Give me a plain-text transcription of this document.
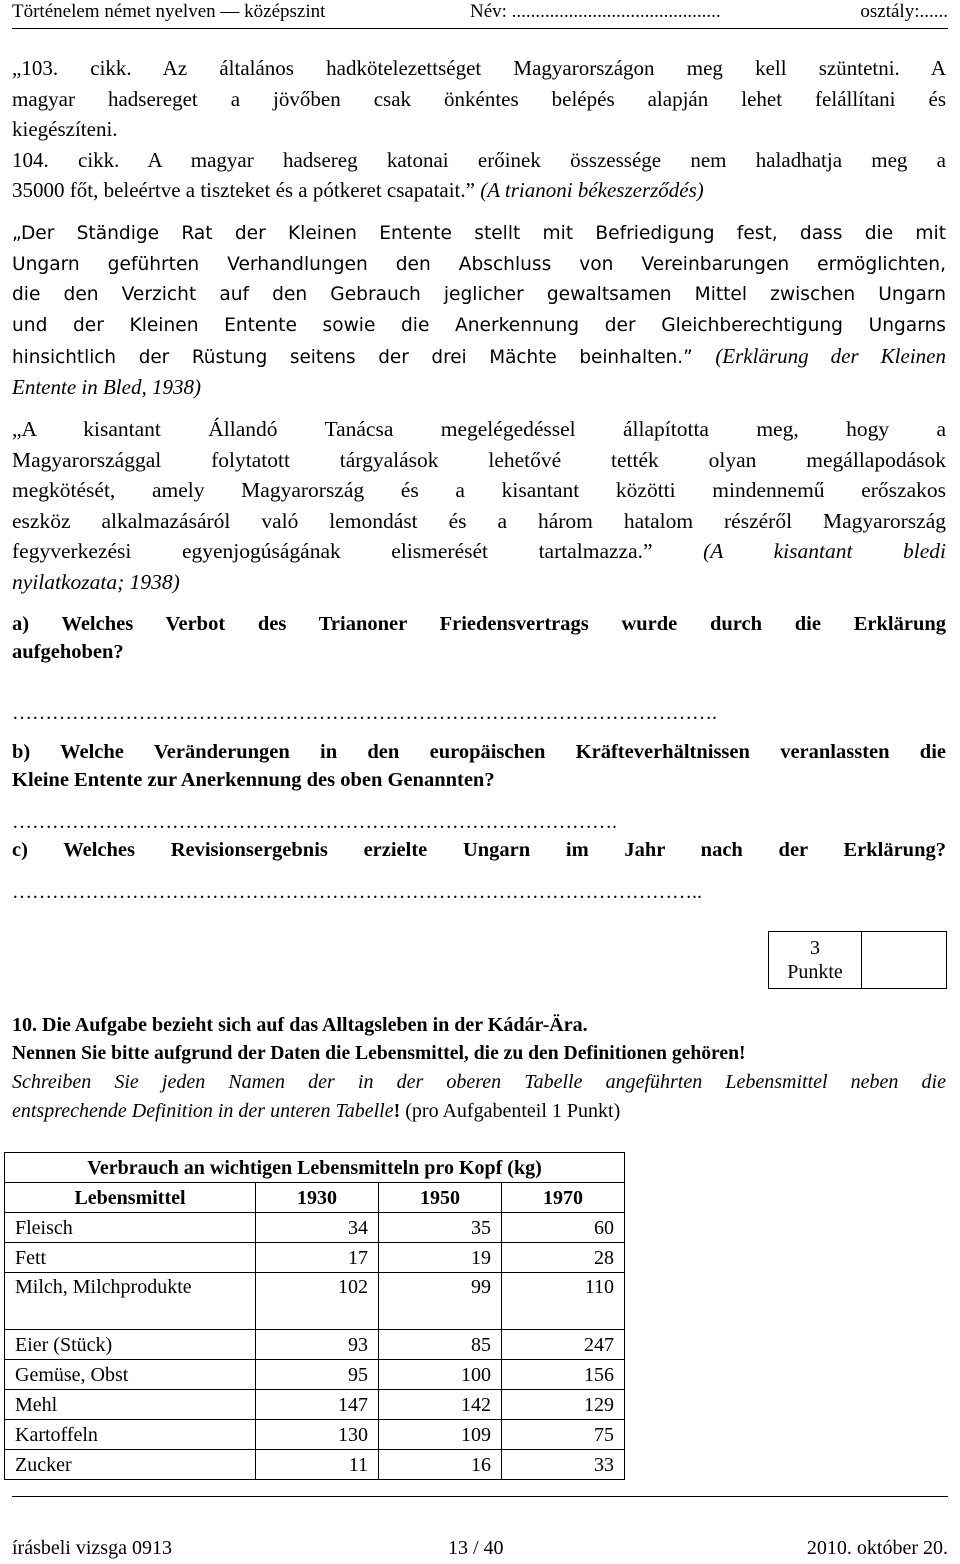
Történelem német nyelven — középszint	Név: ............................................	osztály:......
„103. cikk. Az általános hadkötelezettséget Magyarországon meg kell szüntetni. A
magyar hadsereget a jövőben csak önkéntes belépés alapján lehet felállítani és
kiegészíteni.
104. cikk. A magyar hadsereg katonai erőinek összessége nem haladhatja meg a
35000 főt, beleértve a tiszteket és a pótkeret csapatait.” (A trianoni békeszerződés)
„Der Ständige Rat der Kleinen Entente stellt mit Befriedigung fest, dass die mit
Ungarn geführten Verhandlungen den Abschluss von Vereinbarungen ermöglichten,
die den Verzicht auf den Gebrauch jeglicher gewaltsamen Mittel zwischen Ungarn
und der Kleinen Entente sowie die Anerkennung der Gleichberechtigung Ungarns
hinsichtlich der Rüstung seitens der drei Mächte beinhalten.” (Erklärung der Kleinen
Entente in Bled, 1938)
„A kisantant Állandó Tanácsa megelégedéssel állapította meg, hogy a
Magyarországgal folytatott tárgyalások lehetővé tették olyan megállapodások
megkötését, amely Magyarország és a kisantant közötti mindennemű erőszakos
eszköz alkalmazásáról való lemondást és a három hatalom részéről Magyarország
fegyverkezési egyenjogúságának elismerését tartalmazza.” (A kisantant bledi
nyilatkozata; 1938)
a) Welches Verbot des Trianoner Friedensvertrags wurde durch die Erklärung
aufgehoben?
…………………………………………………………………………………………….
b) Welche Veränderungen in den europäischen Kräfteverhältnissen veranlassten die
Kleine Entente zur Anerkennung des oben Genannten?
……………………………………………………………………………….
c) Welches Revisionsergebnis erzielte Ungarn im Jahr nach der Erklärung?
…………………………………………………………………………………………..
3
Punkte

10. Die Aufgabe bezieht sich auf das Alltagsleben in der Kádár-Ära.
Nennen Sie bitte aufgrund der Daten die Lebensmittel, die zu den Definitionen gehören!
Schreiben Sie jeden Namen der in der oberen Tabelle angeführten Lebensmittel neben die
entsprechende Definition in der unteren Tabelle! (pro Aufgabenteil 1 Punkt)
Verbrauch an wichtigen Lebensmitteln pro Kopf (kg)			
Lebensmittel	1930	1950	1970
Fleisch	34	35	60
Fett	17	19	28
Milch, Milchprodukte	102	99	110
Eier (Stück)	93	85	247
Gemüse, Obst	95	100	156
Mehl	147	142	129
Kartoffeln	130	109	75
Zucker	11	16	33
írásbeli vizsga 0913	13 / 40	2010. október 20.
